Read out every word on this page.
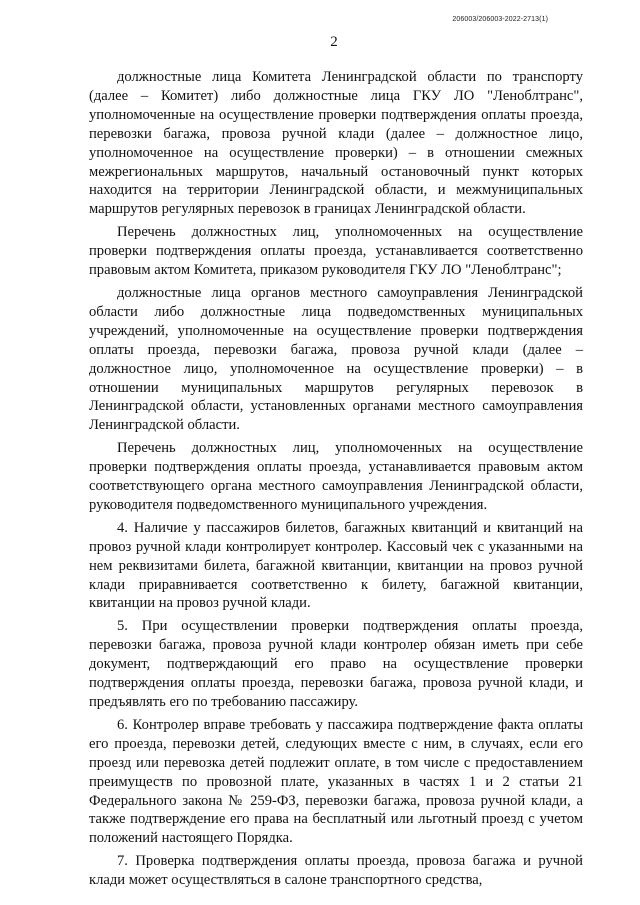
206003/206003-2022-2713(1)
2

должностные лица Комитета Ленинградской области по транспорту (далее – Комитет) либо должностные лица ГКУ ЛО "Леноблтранс", уполномоченные на осуществление проверки подтверждения оплаты проезда, перевозки багажа, провоза ручной клади (далее – должностное лицо, уполномоченное на осуществление проверки) – в отношении смежных межрегиональных маршрутов, начальный остановочный пункт которых находится на территории Ленинградской области, и межмуниципальных маршрутов регулярных перевозок в границах Ленинградской области.

Перечень должностных лиц, уполномоченных на осуществление проверки подтверждения оплаты проезда, устанавливается соответственно правовым актом Комитета, приказом руководителя ГКУ ЛО "Леноблтранс";

должностные лица органов местного самоуправления Ленинградской области либо должностные лица подведомственных муниципальных учреждений, уполномоченные на осуществление проверки подтверждения оплаты проезда, перевозки багажа, провоза ручной клади (далее – должностное лицо, уполномоченное на осуществление проверки) – в отношении муниципальных маршрутов регулярных перевозок в Ленинградской области, установленных органами местного самоуправления Ленинградской области.

Перечень должностных лиц, уполномоченных на осуществление проверки подтверждения оплаты проезда, устанавливается правовым актом соответствующего органа местного самоуправления Ленинградской области, руководителя подведомственного муниципального учреждения.

4. Наличие у пассажиров билетов, багажных квитанций и квитанций на провоз ручной клади контролирует контролер. Кассовый чек с указанными на нем реквизитами билета, багажной квитанции, квитанции на провоз ручной клади приравнивается соответственно к билету, багажной квитанции, квитанции на провоз ручной клади.

5. При осуществлении проверки подтверждения оплаты проезда, перевозки багажа, провоза ручной клади контролер обязан иметь при себе документ, подтверждающий его право на осуществление проверки подтверждения оплаты проезда, перевозки багажа, провоза ручной клади, и предъявлять его по требованию пассажиру.

6. Контролер вправе требовать у пассажира подтверждение факта оплаты его проезда, перевозки детей, следующих вместе с ним, в случаях, если его проезд или перевозка детей подлежит оплате, в том числе с предоставлением преимуществ по провозной плате, указанных в частях 1 и 2 статьи 21 Федерального закона № 259-ФЗ, перевозки багажа, провоза ручной клади, а также подтверждение его права на бесплатный или льготный проезд с учетом положений настоящего Порядка.

7. Проверка подтверждения оплаты проезда, провоза багажа и ручной клади может осуществляться в салоне транспортного средства,
